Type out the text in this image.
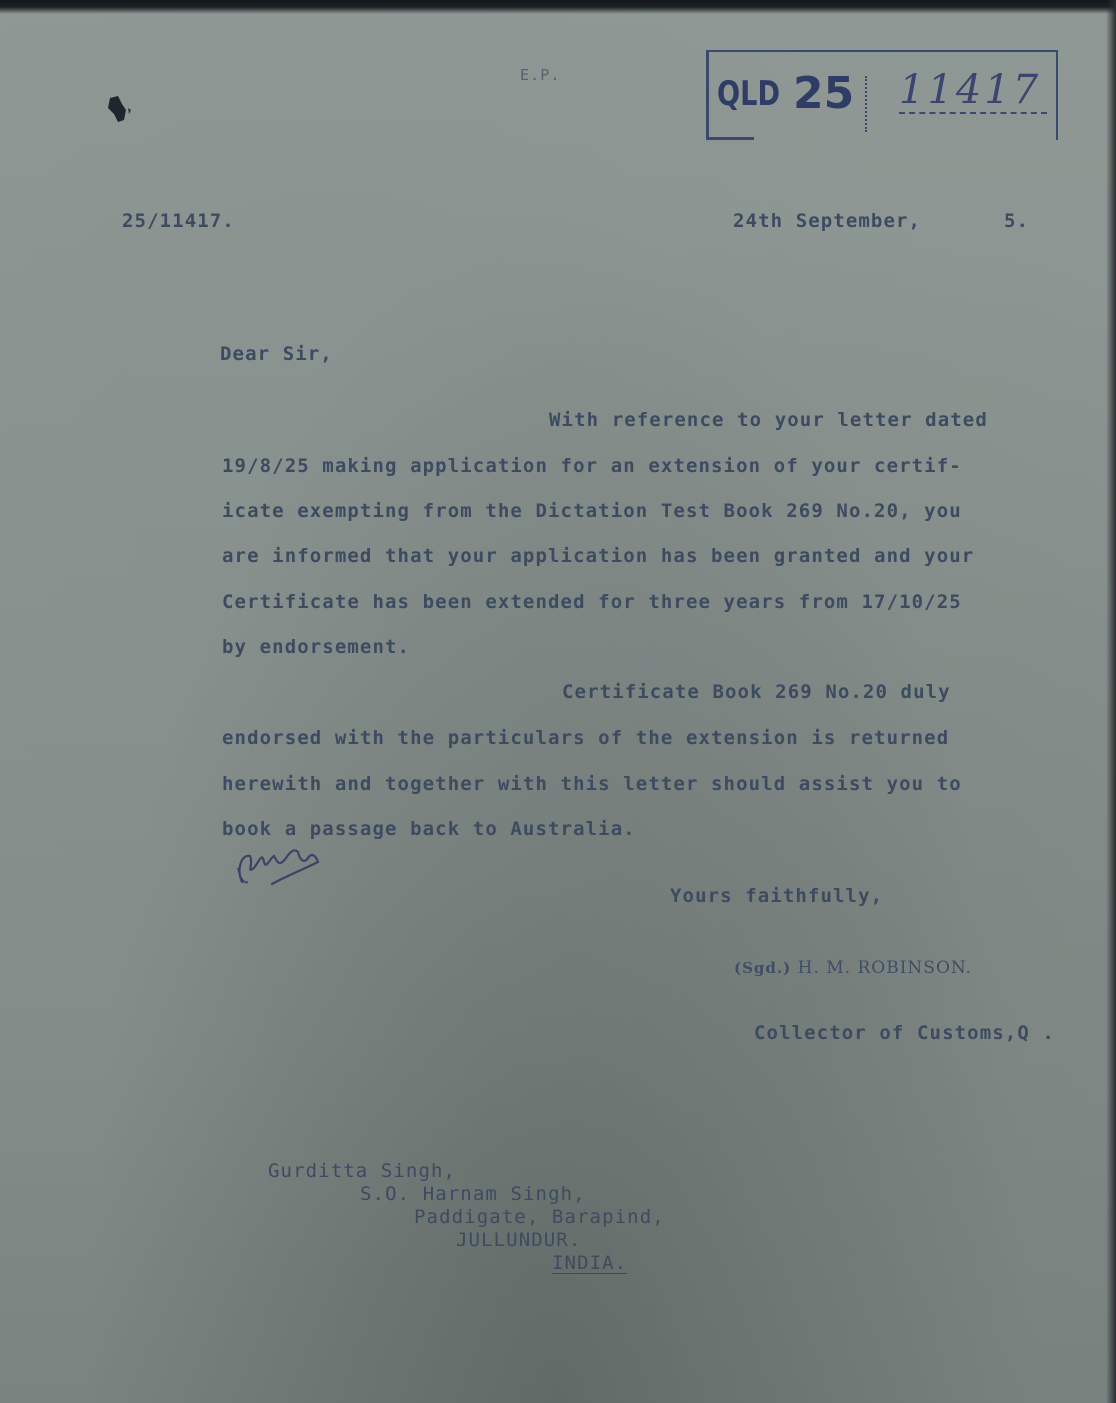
E.P.	QLD 25 11417
25/11417.	24th September,	5.
Dear Sir,
With reference to your letter dated
19/8/25 making application for an extension of your certif-
icate exempting from the Dictation Test Book 269 No.20, you
are informed that your application has been granted and your
Certificate has been extended for three years from 17/10/25
by endorsement.
Certificate Book 269 No.20 duly
endorsed with the particulars of the extension is returned
herewith and together with this letter should assist you to
book a passage back to Australia.
Yours faithfully,
(Sgd.) H. M. ROBINSON.
Collector of Customs,Q .
Gurditta Singh,
S.O. Harnam Singh,
Paddigate, Barapind,
JULLUNDUR.
INDIA.
